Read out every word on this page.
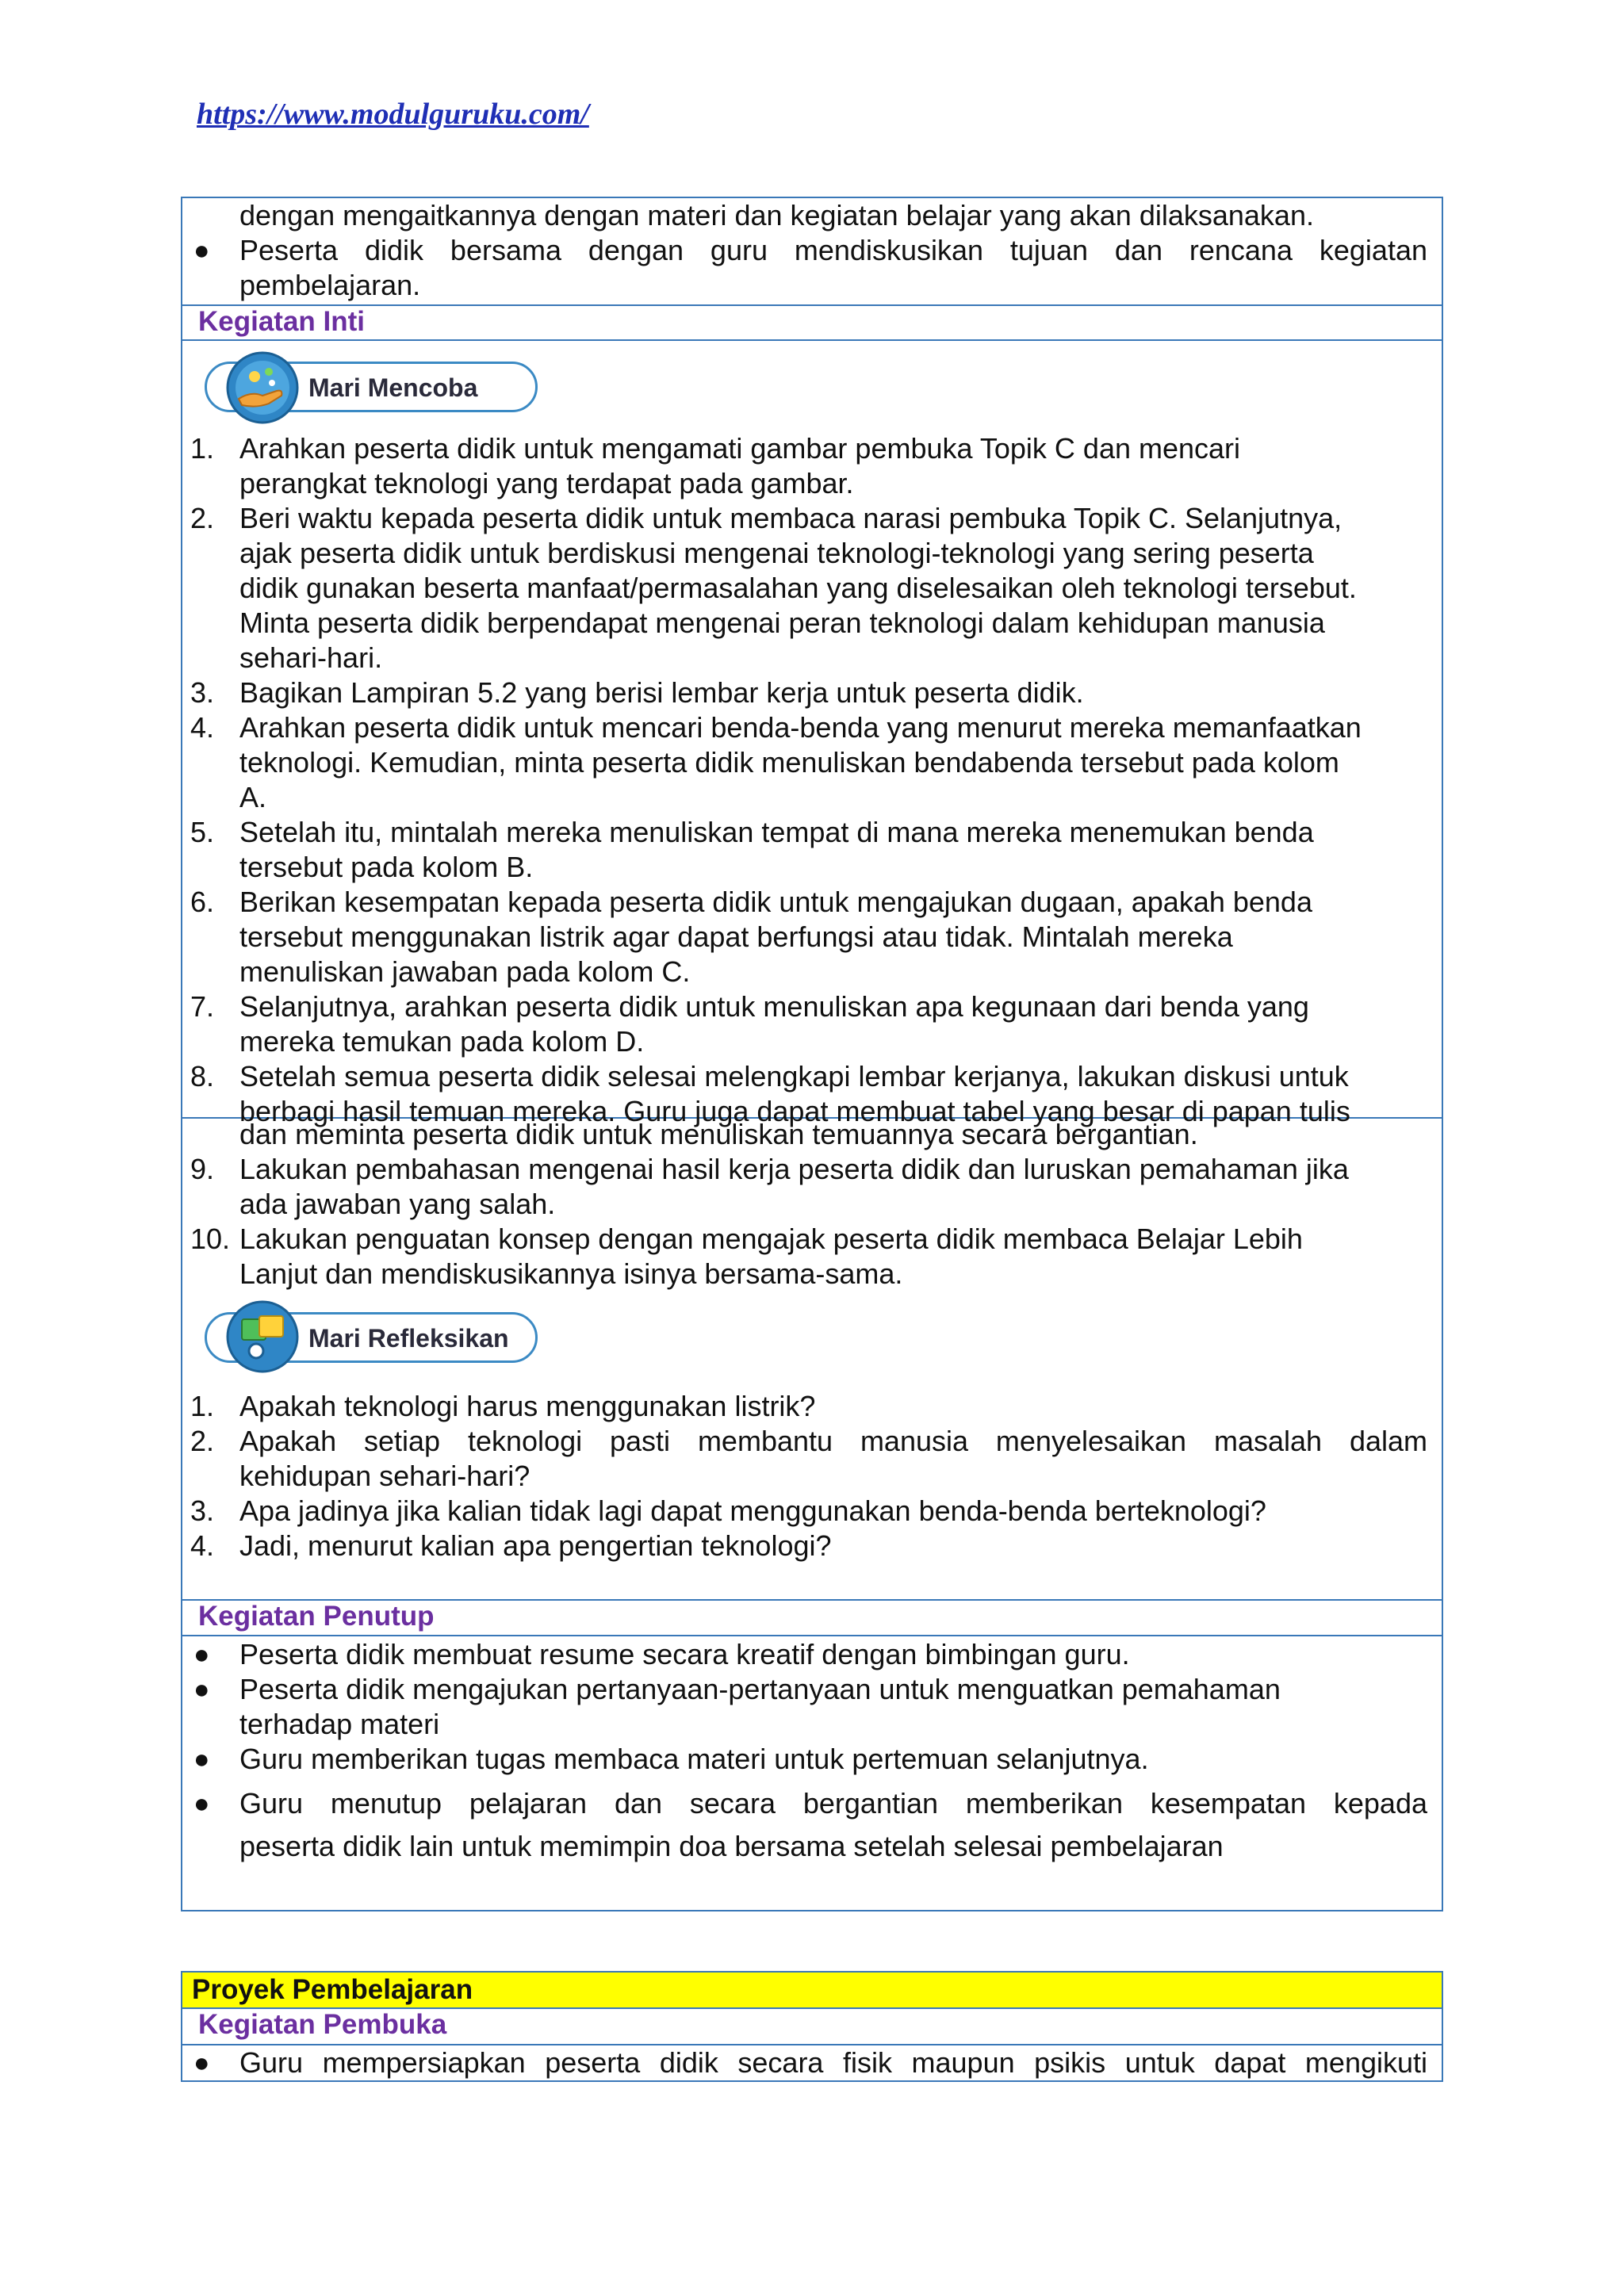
https://www.modulguruku.com/
dengan mengaitkannya dengan materi dan kegiatan belajar yang akan dilaksanakan.
● Peserta didik bersama dengan guru mendiskusikan tujuan dan rencana kegiatan
pembelajaran.
Kegiatan Inti
Mari Mencoba
1. Arahkan peserta didik untuk mengamati gambar pembuka Topik C dan mencari
perangkat teknologi yang terdapat pada gambar.
2. Beri waktu kepada peserta didik untuk membaca narasi pembuka Topik C. Selanjutnya,
ajak peserta didik untuk berdiskusi mengenai teknologi-teknologi yang sering peserta
didik gunakan beserta manfaat/permasalahan yang diselesaikan oleh teknologi tersebut.
Minta peserta didik berpendapat mengenai peran teknologi dalam kehidupan manusia
sehari-hari.
3. Bagikan Lampiran 5.2 yang berisi lembar kerja untuk peserta didik.
4. Arahkan peserta didik untuk mencari benda-benda yang menurut mereka memanfaatkan
teknologi. Kemudian, minta peserta didik menuliskan bendabenda tersebut pada kolom
A.
5. Setelah itu, mintalah mereka menuliskan tempat di mana mereka menemukan benda
tersebut pada kolom B.
6. Berikan kesempatan kepada peserta didik untuk mengajukan dugaan, apakah benda
tersebut menggunakan listrik agar dapat berfungsi atau tidak. Mintalah mereka
menuliskan jawaban pada kolom C.
7. Selanjutnya, arahkan peserta didik untuk menuliskan apa kegunaan dari benda yang
mereka temukan pada kolom D.
8. Setelah semua peserta didik selesai melengkapi lembar kerjanya, lakukan diskusi untuk
berbagi hasil temuan mereka. Guru juga dapat membuat tabel yang besar di papan tulis
dan meminta peserta didik untuk menuliskan temuannya secara bergantian.
9. Lakukan pembahasan mengenai hasil kerja peserta didik dan luruskan pemahaman jika
ada jawaban yang salah.
10. Lakukan penguatan konsep dengan mengajak peserta didik membaca Belajar Lebih
Lanjut dan mendiskusikannya isinya bersama-sama.
Mari Refleksikan
1. Apakah teknologi harus menggunakan listrik?
2. Apakah setiap teknologi pasti membantu manusia menyelesaikan masalah dalam
kehidupan sehari-hari?
3. Apa jadinya jika kalian tidak lagi dapat menggunakan benda-benda berteknologi?
4. Jadi, menurut kalian apa pengertian teknologi?
Kegiatan Penutup
● Peserta didik membuat resume secara kreatif dengan bimbingan guru.
● Peserta didik mengajukan pertanyaan-pertanyaan untuk menguatkan pemahaman
terhadap materi
● Guru memberikan tugas membaca materi untuk pertemuan selanjutnya.
● Guru menutup pelajaran dan secara bergantian memberikan kesempatan kepada
peserta didik lain untuk memimpin doa bersama setelah selesai pembelajaran
Proyek Pembelajaran
Kegiatan Pembuka
● Guru mempersiapkan peserta didik secara fisik maupun psikis untuk dapat mengikuti
